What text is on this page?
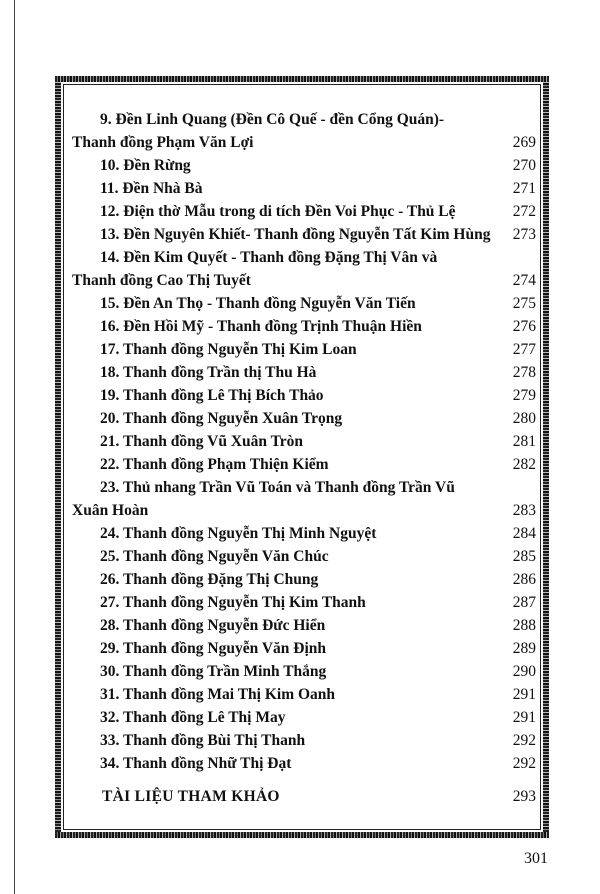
9. Đền Linh Quang (Đền Cô Quế - đền Cổng Quán)-
Thanh đồng Phạm Văn Lợi	269
10. Đền Rừng	270
11. Đền Nhà Bà	271
12. Điện thờ Mẫu trong di tích Đền Voi Phục - Thủ Lệ	272
13. Đền Nguyên Khiết- Thanh đồng Nguyễn Tất Kim Hùng 273
14. Đền Kim Quyết - Thanh đồng Đặng Thị Vân và
Thanh đồng Cao Thị Tuyết	274
15. Đền An Thọ - Thanh đồng Nguyễn Văn Tiến	275
16. Đền Hồi Mỹ - Thanh đồng Trịnh Thuận Hiền	276
17. Thanh đồng Nguyễn Thị Kim Loan	277
18. Thanh đồng Trần thị Thu Hà	278
19. Thanh đồng Lê Thị Bích Thảo	279
20. Thanh đồng Nguyễn Xuân Trọng	280
21. Thanh đồng Vũ Xuân Tròn	281
22. Thanh đồng Phạm Thiện Kiểm	282
23. Thủ nhang Trần Vũ Toán và Thanh đồng Trần Vũ
Xuân Hoàn	283
24. Thanh đồng Nguyễn Thị Minh Nguyệt	284
25. Thanh đồng Nguyễn Văn Chúc	285
26. Thanh đồng Đặng Thị Chung	286
27. Thanh đồng Nguyễn Thị Kim Thanh	287
28. Thanh đồng Nguyễn Đức Hiển	288
29. Thanh đồng Nguyễn Văn Định	289
30. Thanh đồng Trần Minh Thắng	290
31. Thanh đồng Mai Thị Kim Oanh	291
32. Thanh đồng Lê Thị May	291
33. Thanh đồng Bùi Thị Thanh	292
34. Thanh đồng Nhữ Thị Đạt	292
TÀI LIỆU THAM KHẢO	293
301
